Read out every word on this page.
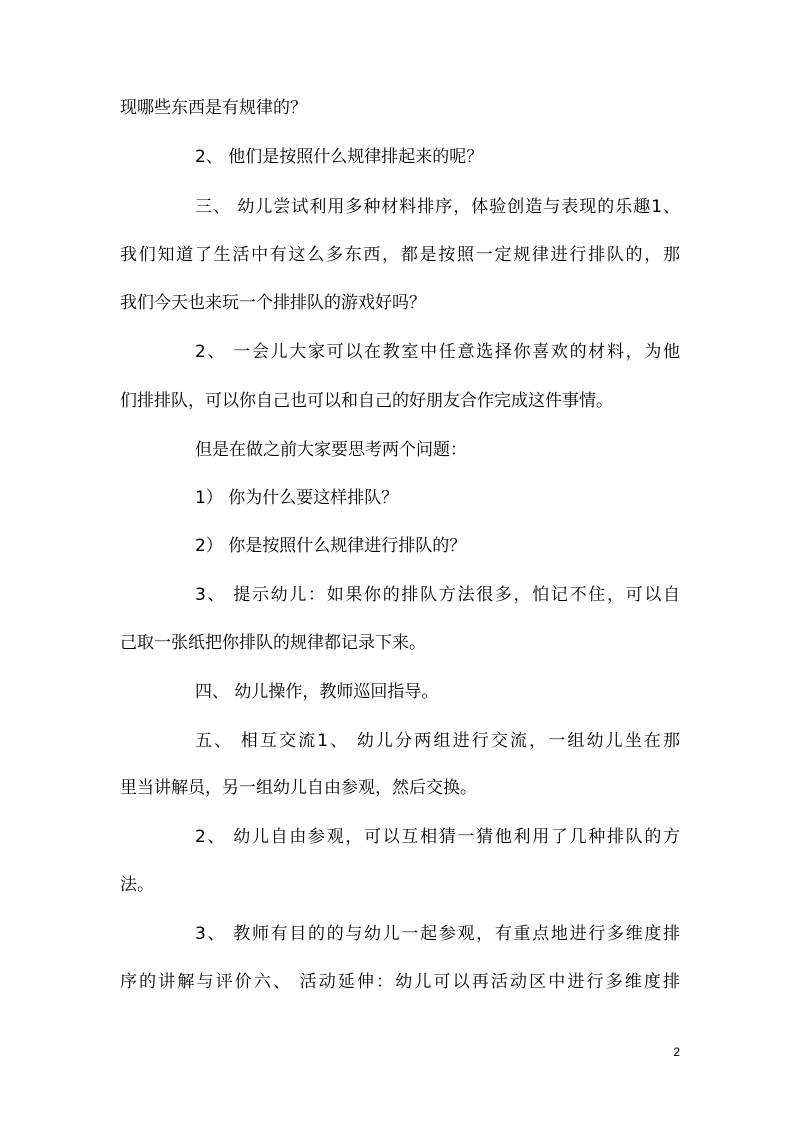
现哪些东西是有规律的？
2、 他们是按照什么规律排起来的呢？
三、 幼儿尝试利用多种材料排序，体验创造与表现的乐趣1、
我们知道了生活中有这么多东西，都是按照一定规律进行排队的，那
我们今天也来玩一个排排队的游戏好吗？
2、 一会儿大家可以在教室中任意选择你喜欢的材料，为他
们排排队，可以你自己也可以和自己的好朋友合作完成这件事情。
但是在做之前大家要思考两个问题：
1） 你为什么要这样排队？
2） 你是按照什么规律进行排队的？
3、 提示幼儿：如果你的排队方法很多，怕记不住，可以自
己取一张纸把你排队的规律都记录下来。
四、 幼儿操作，教师巡回指导。
五、 相互交流1、 幼儿分两组进行交流，一组幼儿坐在那
里当讲解员，另一组幼儿自由参观，然后交换。
2、 幼儿自由参观，可以互相猜一猜他利用了几种排队的方
法。
3、 教师有目的的与幼儿一起参观，有重点地进行多维度排
序的讲解与评价六、 活动延伸：幼儿可以再活动区中进行多维度排
2
